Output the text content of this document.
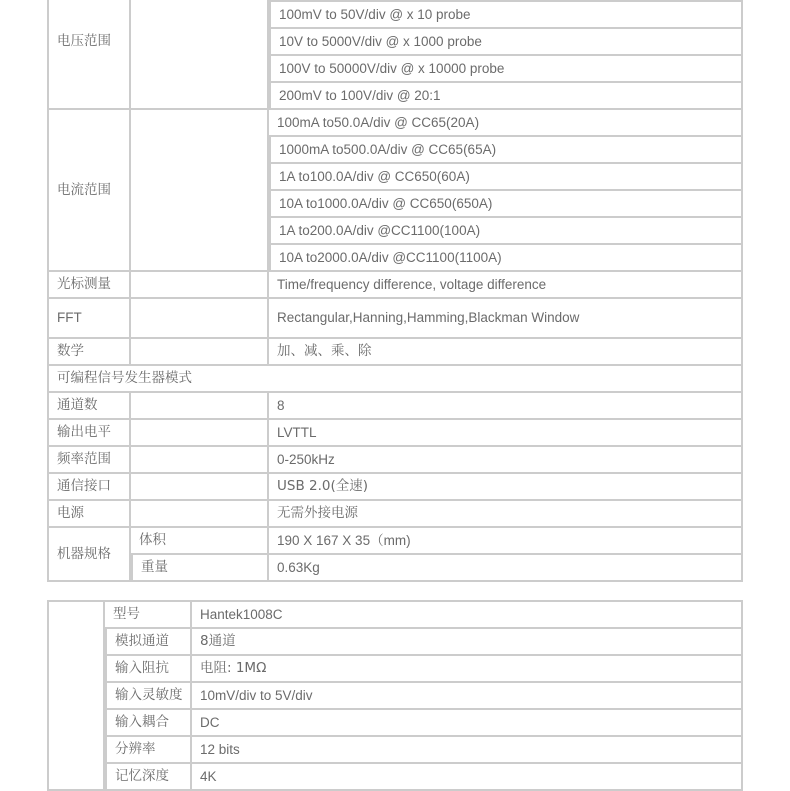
电压范围		
		100mV to 50V/div @ x 10 probe
		10V to 5000V/div @ x 1000 probe
		100V to 50000V/div @ x 10000 probe
		200mV to 100V/div @ 20:1
电流范围		100mA to50.0A/div @ CC65(20A)
		1000mA to500.0A/div @ CC65(65A)
		1A to100.0A/div @ CC650(60A)
		10A to1000.0A/div @ CC650(650A)
		1A to200.0A/div @CC1100(100A)
		10A to2000.0A/div @CC1100(1100A)
光标测量		Time/frequency difference, voltage difference
FFT		Rectangular,Hanning,Hamming,Blackman Window
数学		加、减、乘、除
可编程信号发生器模式		
通道数		8
输出电平		LVTTL
频率范围		0-250kHz
通信接口		USB 2.0(全速)
电源		无需外接电源
机器规格	体积	190 X 167 X 35（mm)
	重量	0.63Kg
	型号	Hantek1008C
	模拟通道	8通道
	输入阻抗	电阻: 1MΩ
	输入灵敏度	10mV/div to 5V/div
	输入耦合	DC
	分辨率	12 bits
	记忆深度	4K
